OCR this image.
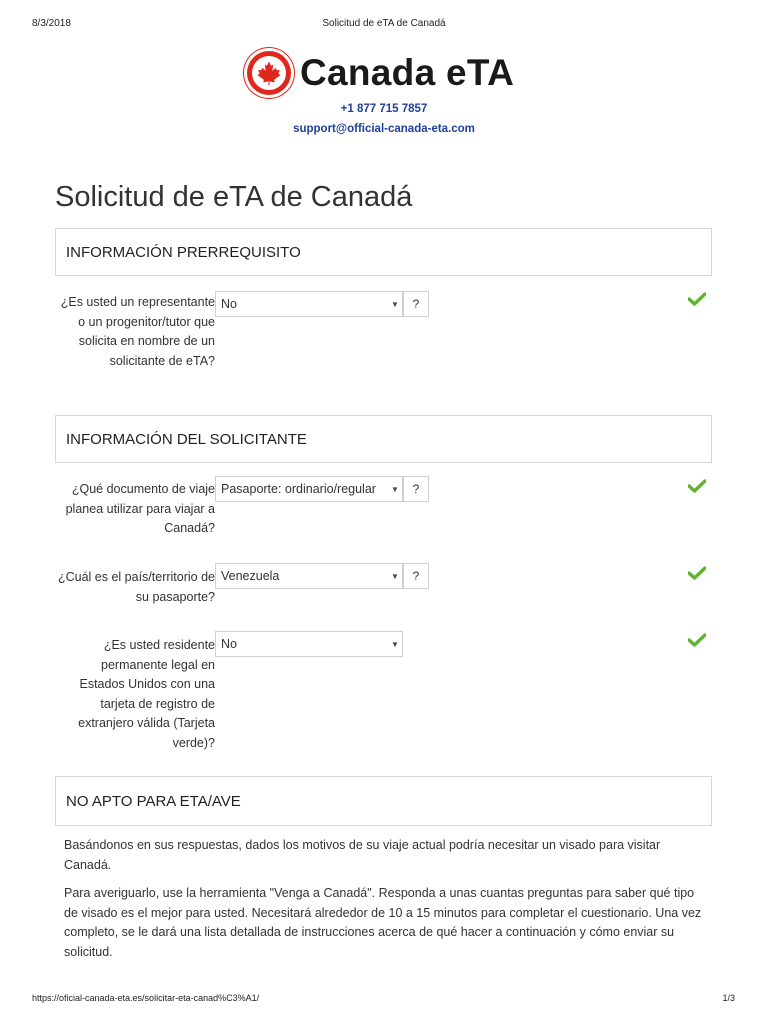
8/3/2018	Solicitud de eTA de Canadá
Canada eTA
+1 877 715 7857
support@official-canada-eta.com
Solicitud de eTA de Canadá
INFORMACIÓN PRERREQUISITO
¿Es usted un representante o un progenitor/tutor que solicita en nombre de un solicitante de eTA?
No	▼	?
INFORMACIÓN DEL SOLICITANTE
¿Qué documento de viaje planea utilizar para viajar a Canadá?
Pasaporte: ordinario/regular	▼	?
¿Cuál es el país/territorio de su pasaporte?
Venezuela	▼	?
¿Es usted residente permanente legal en Estados Unidos con una tarjeta de registro de extranjero válida (Tarjeta verde)?
No	▼
NO APTO PARA ETA/AVE

Basándonos en sus respuestas, dados los motivos de su viaje actual podría necesitar un visado para visitar Canadá.

Para averiguarlo, use la herramienta "Venga a Canadá". Responda a unas cuantas preguntas para saber qué tipo de visado es el mejor para usted. Necesitará alrededor de 10 a 15 minutos para completar el cuestionario. Una vez completo, se le dará una lista detallada de instrucciones acerca de qué hacer a continuación y cómo enviar su solicitud.

https://oficial-canada-eta.es/solicitar-eta-canad%C3%A1/	1/3
